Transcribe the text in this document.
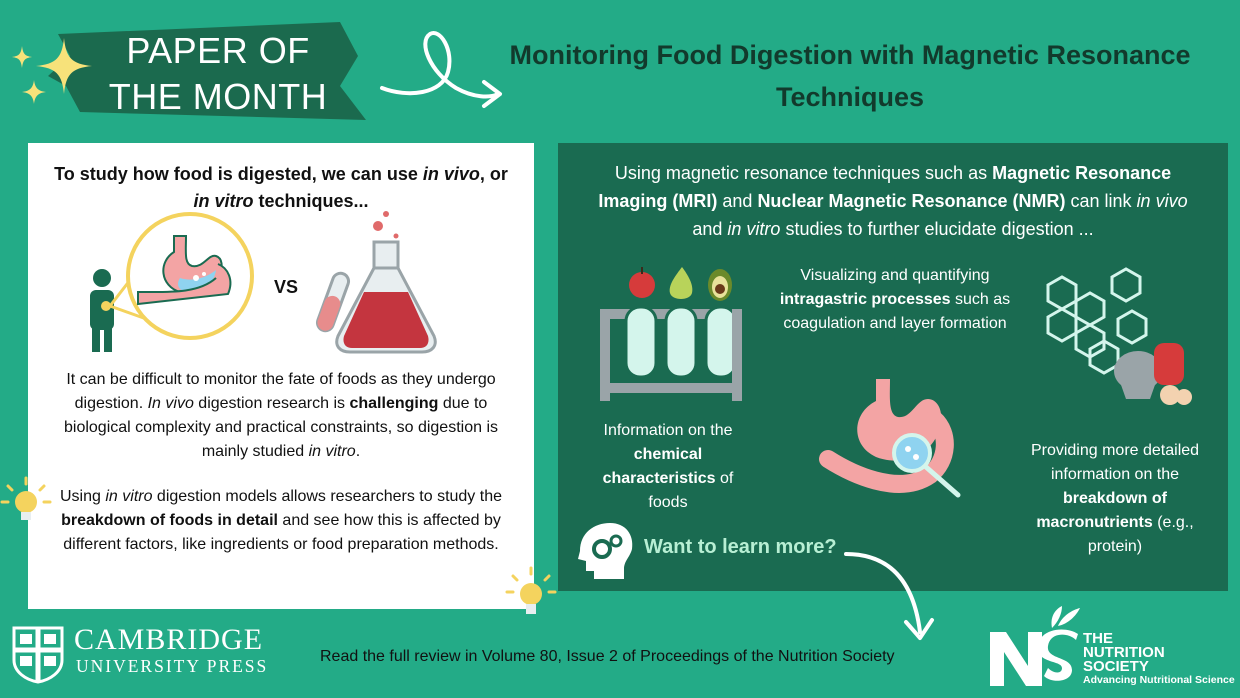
PAPER OF THE MONTH
Monitoring Food Digestion with Magnetic Resonance Techniques
To study how food is digested, we can use in vivo, or
in vitro techniques...
VS

It can be difficult to monitor the fate of foods as they undergo digestion. In vivo digestion research is challenging due to biological complexity and practical constraints, so digestion is mainly studied in vitro.

Using in vitro digestion models allows researchers to study the breakdown of foods in detail and see how this is affected by different factors, like ingredients or food preparation methods.

Using magnetic resonance techniques such as Magnetic Resonance Imaging (MRI) and Nuclear Magnetic Resonance (NMR) can link in vivo and in vitro studies to further elucidate digestion ...

Information on the chemical characteristics of foods
Visualizing and quantifying intragastric processes such as coagulation and layer formation
Providing more detailed information on the breakdown of macronutrients (e.g., protein)
Want to learn more?
CAMBRIDGE
UNIVERSITY PRESS	Read the full review in Volume 80, Issue 2 of Proceedings of the Nutrition Society
THE
NUTRITION
SOCIETY
Advancing Nutritional Science
